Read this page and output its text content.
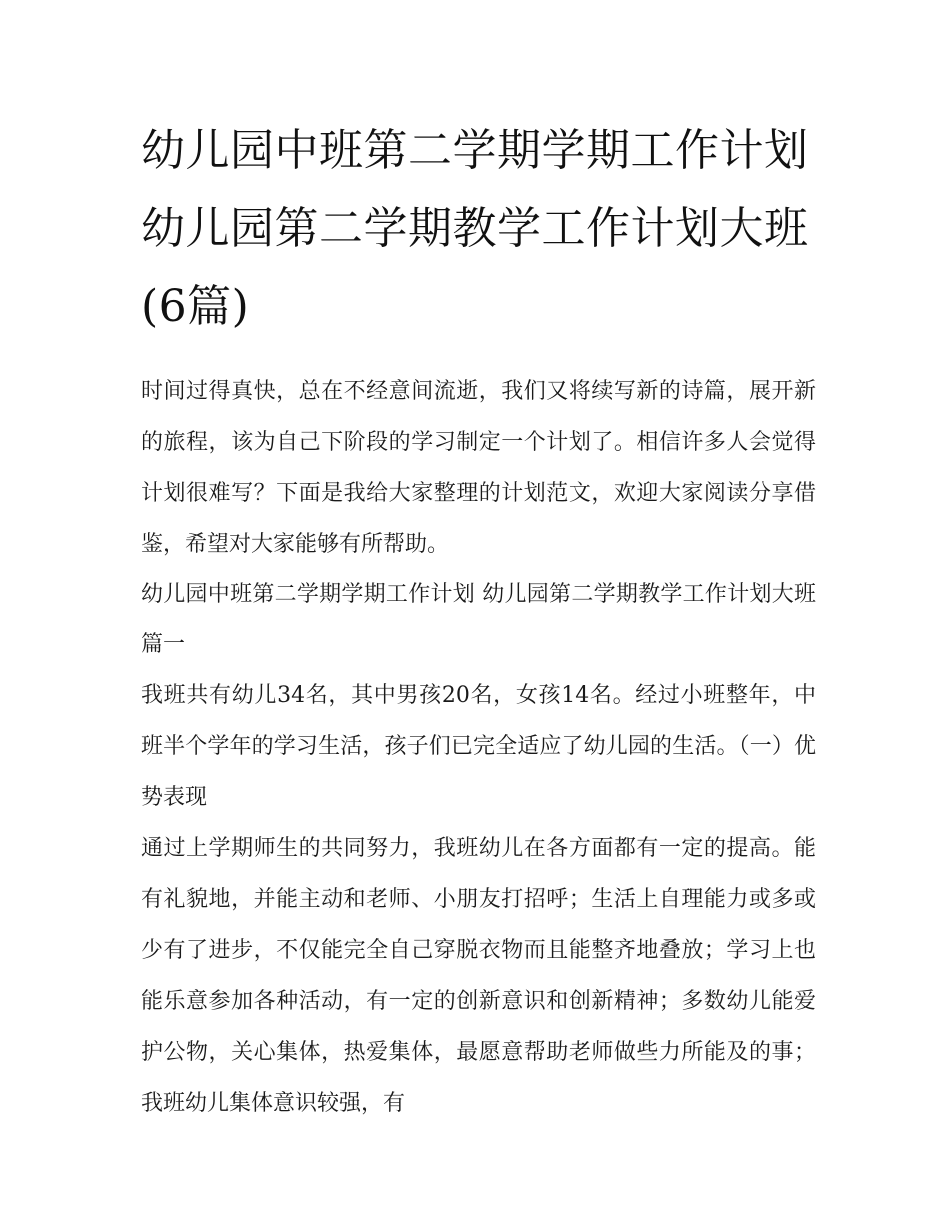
幼儿园中班第二学期学期工作计划 幼儿园第二学期教学工作计划大班(6篇)

时间过得真快，总在不经意间流逝，我们又将续写新的诗篇，展开新的旅程，该为自己下阶段的学习制定一个计划了。相信许多人会觉得计划很难写？下面是我给大家整理的计划范文，欢迎大家阅读分享借鉴，希望对大家能够有所帮助。

幼儿园中班第二学期学期工作计划 幼儿园第二学期教学工作计划大班篇一

我班共有幼儿34名，其中男孩20名，女孩14名。经过小班整年，中班半个学年的学习生活，孩子们已完全适应了幼儿园的生活。（一）优势表现

通过上学期师生的共同努力，我班幼儿在各方面都有一定的提高。能有礼貌地，并能主动和老师、小朋友打招呼；生活上自理能力或多或少有了进步，不仅能完全自己穿脱衣物而且能整齐地叠放；学习上也能乐意参加各种活动，有一定的创新意识和创新精神；多数幼儿能爱护公物，关心集体，热爱集体，最愿意帮助老师做些力所能及的事；我班幼儿集体意识较强，有
